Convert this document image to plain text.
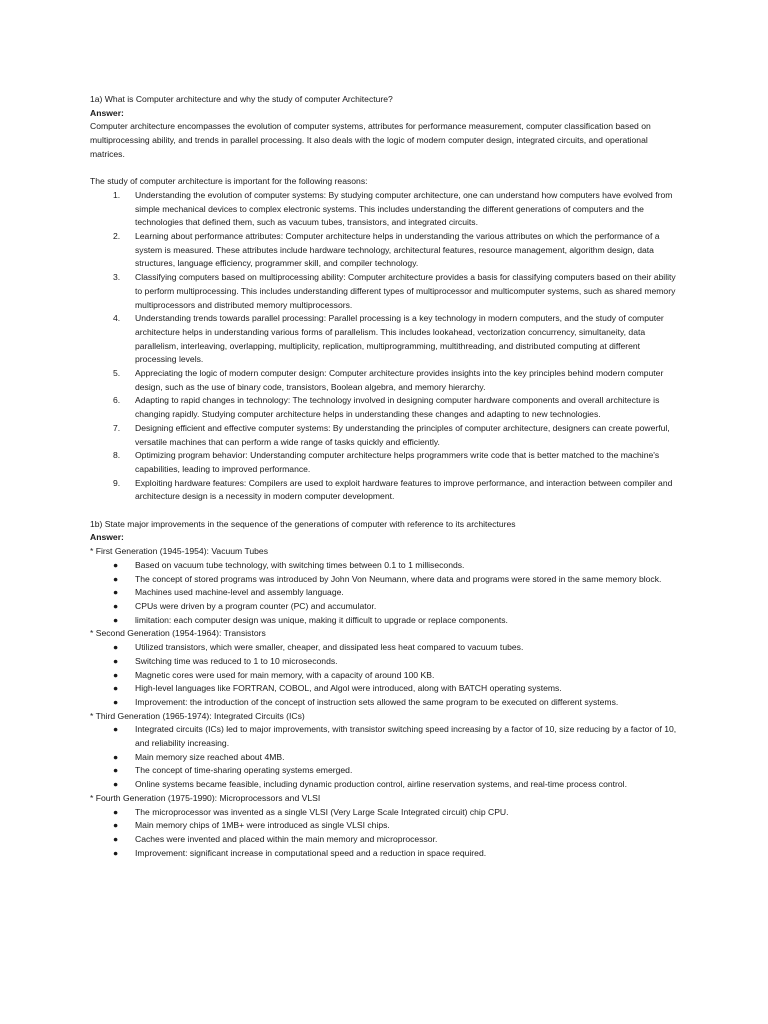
1a) What is Computer architecture and why the study of computer Architecture?

Answer:

Computer architecture encompasses the evolution of computer systems, attributes for performance measurement, computer classification based on multiprocessing ability, and trends in parallel processing. It also deals with the logic of modern computer design, integrated circuits, and operational matrices.

The study of computer architecture is important for the following reasons:

1.	Understanding the evolution of computer systems: By studying computer architecture, one can understand how computers have evolved from simple mechanical devices to complex electronic systems. This includes understanding the different generations of computers and the technologies that defined them, such as vacuum tubes, transistors, and integrated circuits.
2.	Learning about performance attributes: Computer architecture helps in understanding the various attributes on which the performance of a system is measured. These attributes include hardware technology, architectural features, resource management, algorithm design, data structures, language efficiency, programmer skill, and compiler technology.
3.	Classifying computers based on multiprocessing ability: Computer architecture provides a basis for classifying computers based on their ability to perform multiprocessing. This includes understanding different types of multiprocessor and multicomputer systems, such as shared memory multiprocessors and distributed memory multiprocessors.
4.	Understanding trends towards parallel processing: Parallel processing is a key technology in modern computers, and the study of computer architecture helps in understanding various forms of parallelism. This includes lookahead, vectorization concurrency, simultaneity, data parallelism, interleaving, overlapping, multiplicity, replication, multiprogramming, multithreading, and distributed computing at different processing levels.
5.	Appreciating the logic of modern computer design: Computer architecture provides insights into the key principles behind modern computer design, such as the use of binary code, transistors, Boolean algebra, and memory hierarchy.
6.	Adapting to rapid changes in technology: The technology involved in designing computer hardware components and overall architecture is changing rapidly. Studying computer architecture helps in understanding these changes and adapting to new technologies.
7.	Designing efficient and effective computer systems: By understanding the principles of computer architecture, designers can create powerful, versatile machines that can perform a wide range of tasks quickly and efficiently.
8.	Optimizing program behavior: Understanding computer architecture helps programmers write code that is better matched to the machine's capabilities, leading to improved performance.
9.	Exploiting hardware features: Compilers are used to exploit hardware features to improve performance, and interaction between compiler and architecture design is a necessity in modern computer development.

1b) State major improvements in the sequence of the generations of computer with reference to its architectures

Answer:

* First Generation (1945-1954): Vacuum Tubes

● Based on vacuum tube technology, with switching times between 0.1 to 1 milliseconds.
● The concept of stored programs was introduced by John Von Neumann, where data and programs were stored in the same memory block.
● Machines used machine-level and assembly language.
● CPUs were driven by a program counter (PC) and accumulator.
● limitation: each computer design was unique, making it difficult to upgrade or replace components.

* Second Generation (1954-1964): Transistors

● Utilized transistors, which were smaller, cheaper, and dissipated less heat compared to vacuum tubes.
● Switching time was reduced to 1 to 10 microseconds.
● Magnetic cores were used for main memory, with a capacity of around 100 KB.
● High-level languages like FORTRAN, COBOL, and Algol were introduced, along with BATCH operating systems.
● Improvement: the introduction of the concept of instruction sets allowed the same program to be executed on different systems.

* Third Generation (1965-1974): Integrated Circuits (ICs)

● Integrated circuits (ICs) led to major improvements, with transistor switching speed increasing by a factor of 10, size reducing by a factor of 10, and reliability increasing.
● Main memory size reached about 4MB.
● The concept of time-sharing operating systems emerged.
● Online systems became feasible, including dynamic production control, airline reservation systems, and real-time process control.

* Fourth Generation (1975-1990): Microprocessors and VLSI

● The microprocessor was invented as a single VLSI (Very Large Scale Integrated circuit) chip CPU.
● Main memory chips of 1MB+ were introduced as single VLSI chips.
● Caches were invented and placed within the main memory and microprocessor.
● Improvement: significant increase in computational speed and a reduction in space required.
